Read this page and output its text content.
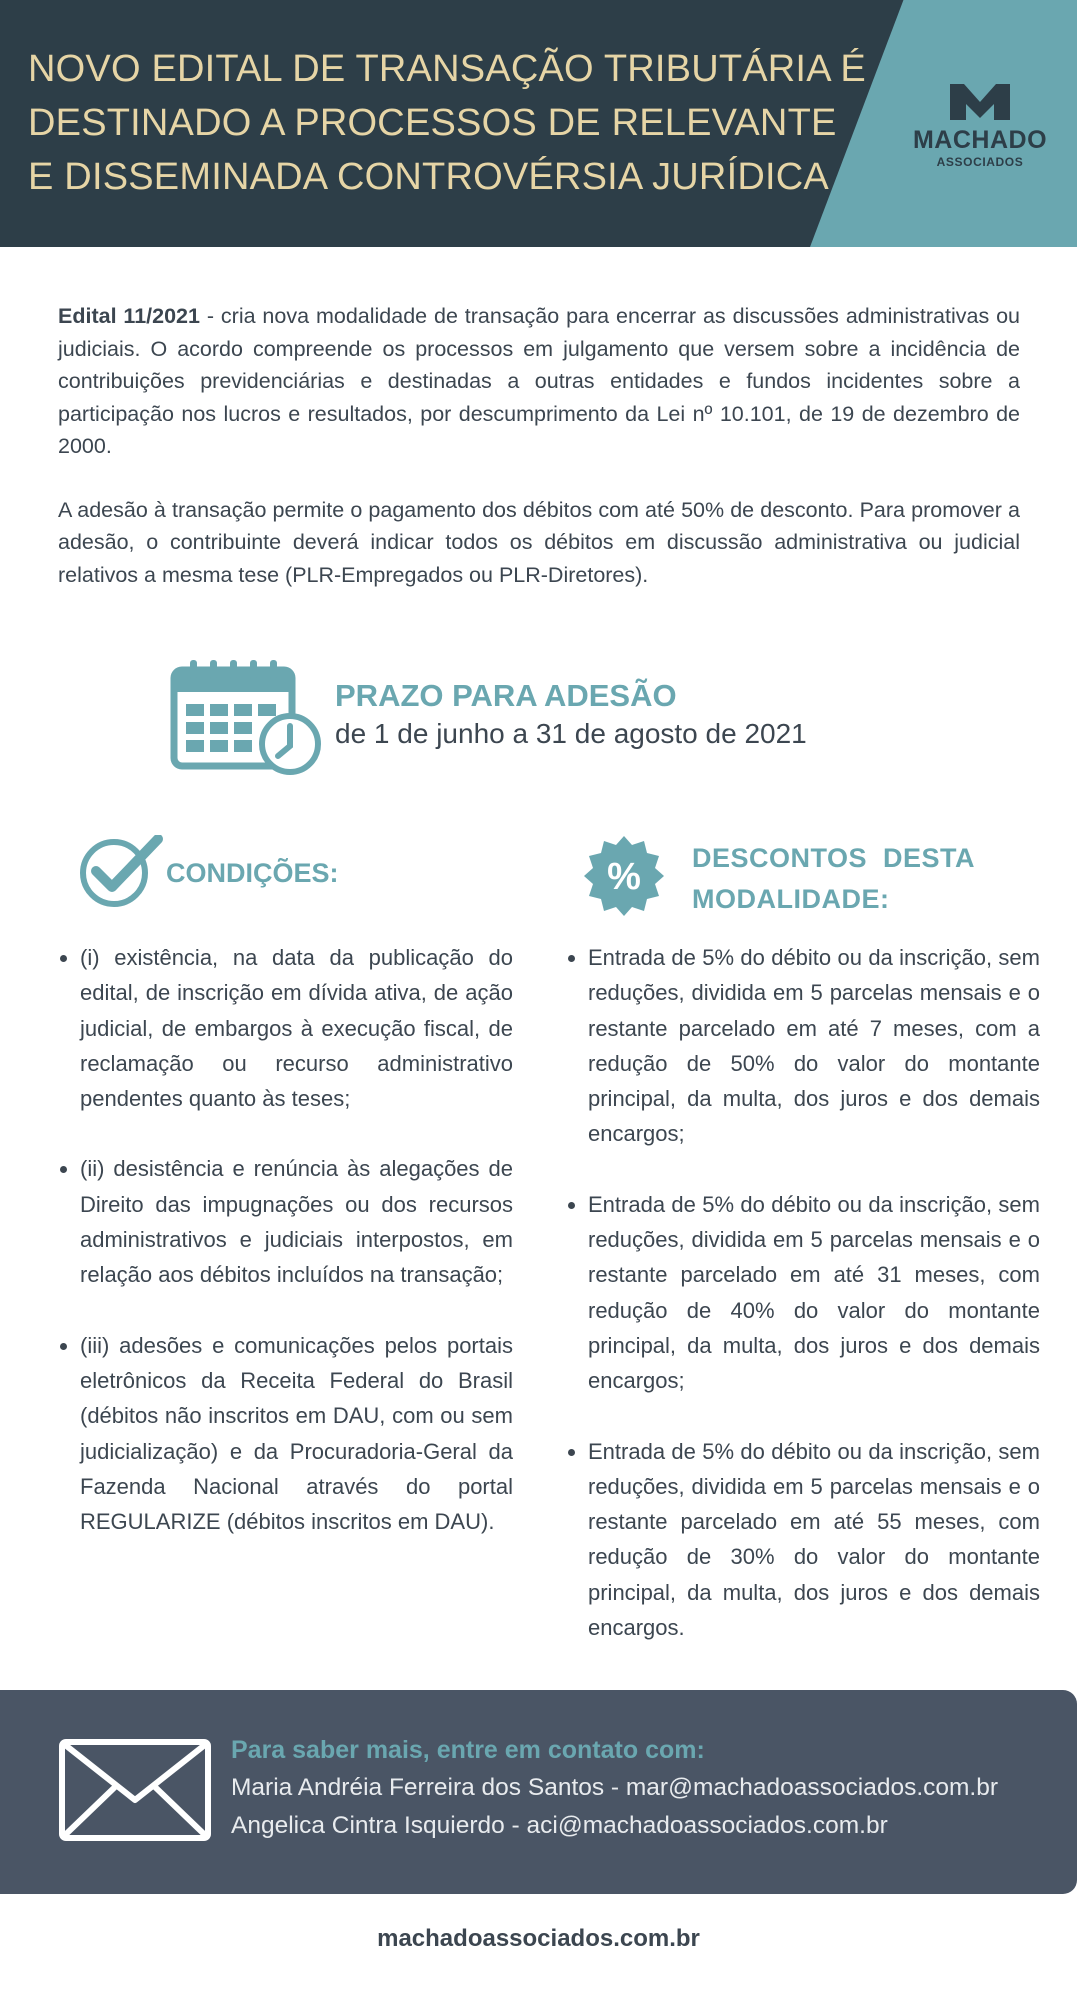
NOVO EDITAL DE TRANSAÇÃO TRIBUTÁRIA É DESTINADO A PROCESSOS DE RELEVANTE E DISSEMINADA CONTROVÉRSIA JURÍDICA
MACHADO
ASSOCIADOS

Edital 11/2021 - cria nova modalidade de transação para encerrar as discussões administrativas ou judiciais. O acordo compreende os processos em julgamento que versem sobre a incidência de contribuições previdenciárias e destinadas a outras entidades e fundos incidentes sobre a participação nos lucros e resultados, por descumprimento da Lei nº 10.101, de 19 de dezembro de 2000.

A adesão à transação permite o pagamento dos débitos com até 50% de desconto. Para promover a adesão, o contribuinte deverá indicar todos os débitos em discussão administrativa ou judicial relativos a mesma tese (PLR-Empregados ou PLR-Diretores).

PRAZO PARA ADESÃO
de 1 de junho a 31 de agosto de 2021
CONDIÇÕES:	% DESCONTOS  DESTA
MODALIDADE:
• (i) existência, na data da publicação do edital, de inscrição em dívida ativa, de ação judicial, de embargos à execução fiscal, de reclamação ou recurso administrativo pendentes quanto às teses;
• (ii) desistência e renúncia às alegações de Direito das impugnações ou dos recursos administrativos e judiciais interpostos, em relação aos débitos incluídos na transação;
• (iii) adesões e comunicações pelos portais eletrônicos da Receita Federal do Brasil (débitos não inscritos em DAU, com ou sem judicialização) e da Procuradoria-Geral da Fazenda Nacional através do portal REGULARIZE (débitos inscritos em DAU).
• Entrada de 5% do débito ou da inscrição, sem reduções, dividida em 5 parcelas mensais e o restante parcelado em até 7 meses, com a redução de 50% do valor do montante principal, da multa, dos juros e dos demais encargos;
• Entrada de 5% do débito ou da inscrição, sem reduções, dividida em 5 parcelas mensais e o restante parcelado em até 31 meses, com redução de 40% do valor do montante principal, da multa, dos juros e dos demais encargos;
• Entrada de 5% do débito ou da inscrição, sem reduções, dividida em 5 parcelas mensais e o restante parcelado em até 55 meses, com redução de 30% do valor do montante principal, da multa, dos juros e dos demais encargos.
Para saber mais, entre em contato com:
Maria Andréia Ferreira dos Santos - mar@machadoassociados.com.br
Angelica Cintra Isquierdo - aci@machadoassociados.com.br
machadoassociados.com.br
